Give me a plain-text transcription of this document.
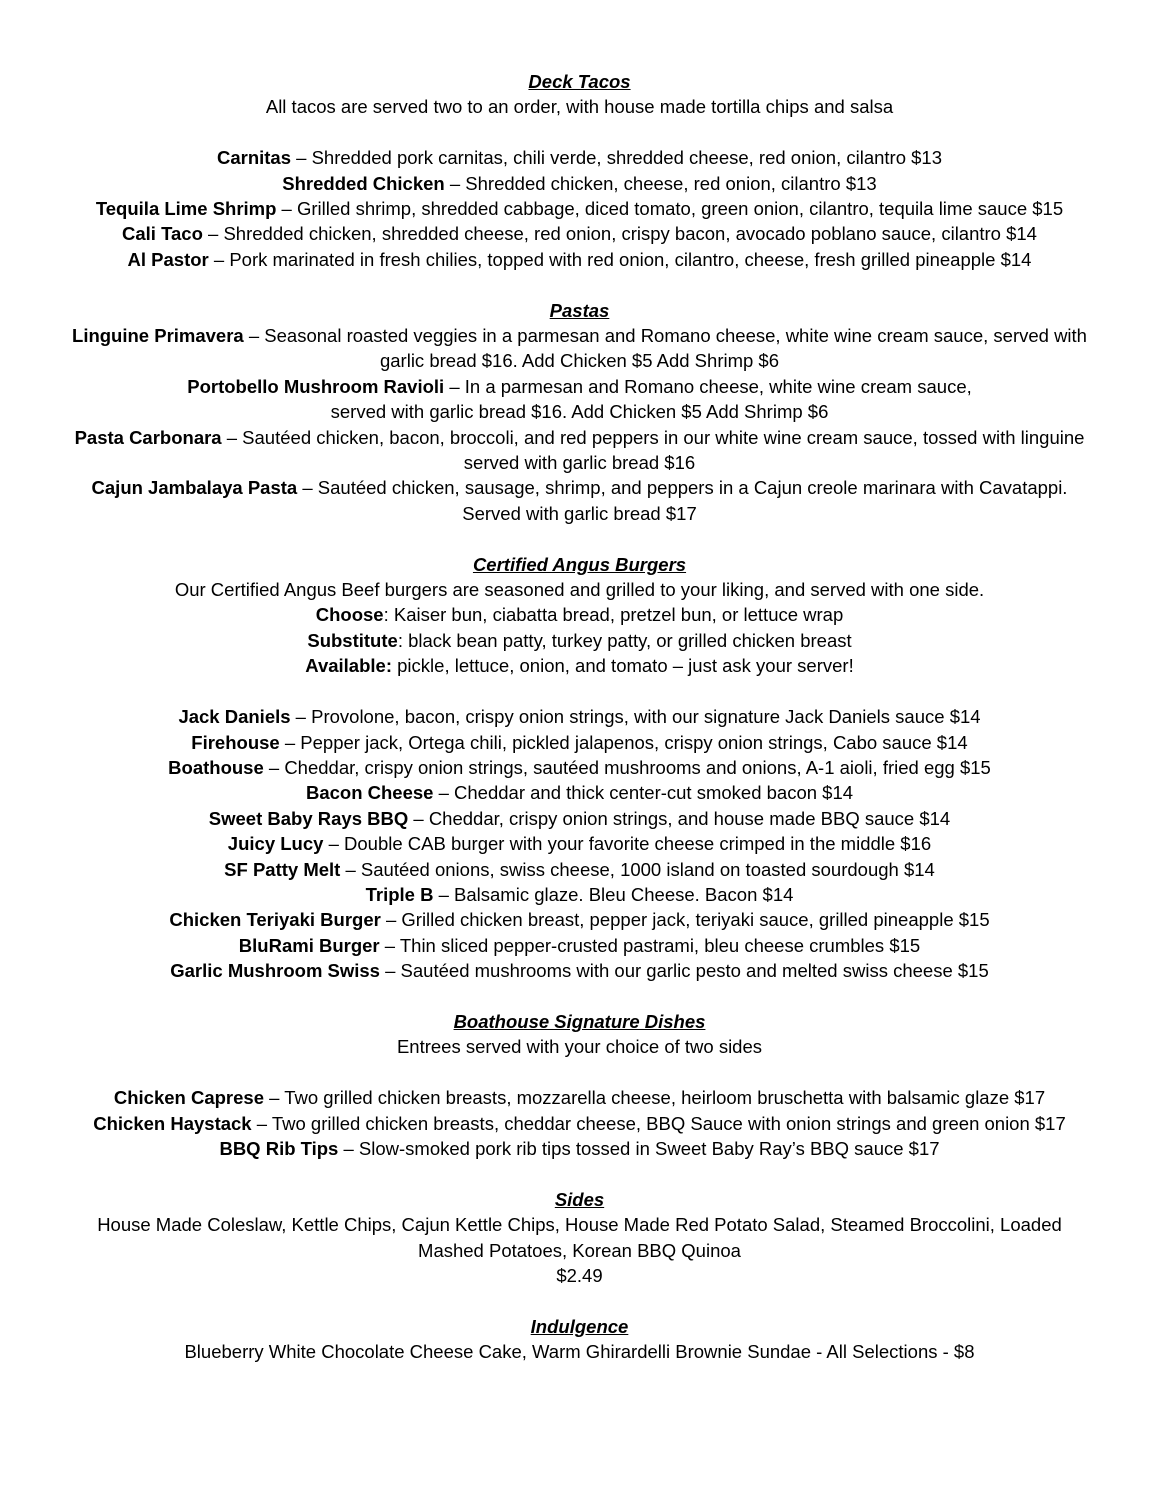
Deck Tacos
All tacos are served two to an order, with house made tortilla chips and salsa
Carnitas – Shredded pork carnitas, chili verde, shredded cheese, red onion, cilantro $13
Shredded Chicken – Shredded chicken, cheese, red onion, cilantro $13
Tequila Lime Shrimp – Grilled shrimp, shredded cabbage, diced tomato, green onion, cilantro, tequila lime sauce $15
Cali Taco – Shredded chicken, shredded cheese, red onion, crispy bacon, avocado poblano sauce, cilantro $14
Al Pastor – Pork marinated in fresh chilies, topped with red onion, cilantro, cheese, fresh grilled pineapple $14
Pastas
Linguine Primavera – Seasonal roasted veggies in a parmesan and Romano cheese, white wine cream sauce, served with garlic bread $16. Add Chicken $5 Add Shrimp $6
Portobello Mushroom Ravioli – In a parmesan and Romano cheese, white wine cream sauce,
served with garlic bread $16. Add Chicken $5 Add Shrimp $6
Pasta Carbonara – Sautéed chicken, bacon, broccoli, and red peppers in our white wine cream sauce, tossed with linguine served with garlic bread $16
Cajun Jambalaya Pasta – Sautéed chicken, sausage, shrimp, and peppers in a Cajun creole marinara with Cavatappi.
Served with garlic bread $17
Certified Angus Burgers
Our Certified Angus Beef burgers are seasoned and grilled to your liking, and served with one side.
Choose: Kaiser bun, ciabatta bread, pretzel bun, or lettuce wrap
Substitute: black bean patty, turkey patty, or grilled chicken breast
Available: pickle, lettuce, onion, and tomato – just ask your server!
Jack Daniels – Provolone, bacon, crispy onion strings, with our signature Jack Daniels sauce $14
Firehouse – Pepper jack, Ortega chili, pickled jalapenos, crispy onion strings, Cabo sauce $14
Boathouse – Cheddar, crispy onion strings, sautéed mushrooms and onions, A-1 aioli, fried egg $15
Bacon Cheese – Cheddar and thick center-cut smoked bacon $14
Sweet Baby Rays BBQ – Cheddar, crispy onion strings, and house made BBQ sauce $14
Juicy Lucy – Double CAB burger with your favorite cheese crimped in the middle $16
SF Patty Melt – Sautéed onions, swiss cheese, 1000 island on toasted sourdough $14
Triple B – Balsamic glaze. Bleu Cheese. Bacon $14
Chicken Teriyaki Burger – Grilled chicken breast, pepper jack, teriyaki sauce, grilled pineapple $15
BluRami Burger – Thin sliced pepper-crusted pastrami, bleu cheese crumbles $15
Garlic Mushroom Swiss – Sautéed mushrooms with our garlic pesto and melted swiss cheese $15
Boathouse Signature Dishes
Entrees served with your choice of two sides
Chicken Caprese – Two grilled chicken breasts, mozzarella cheese, heirloom bruschetta with balsamic glaze $17
Chicken Haystack – Two grilled chicken breasts, cheddar cheese, BBQ Sauce with onion strings and green onion $17
BBQ Rib Tips – Slow-smoked pork rib tips tossed in Sweet Baby Ray’s BBQ sauce $17
Sides
House Made Coleslaw, Kettle Chips, Cajun Kettle Chips, House Made Red Potato Salad, Steamed Broccolini, Loaded Mashed Potatoes, Korean BBQ Quinoa
$2.49
Indulgence
Blueberry White Chocolate Cheese Cake, Warm Ghirardelli Brownie Sundae - All Selections - $8
